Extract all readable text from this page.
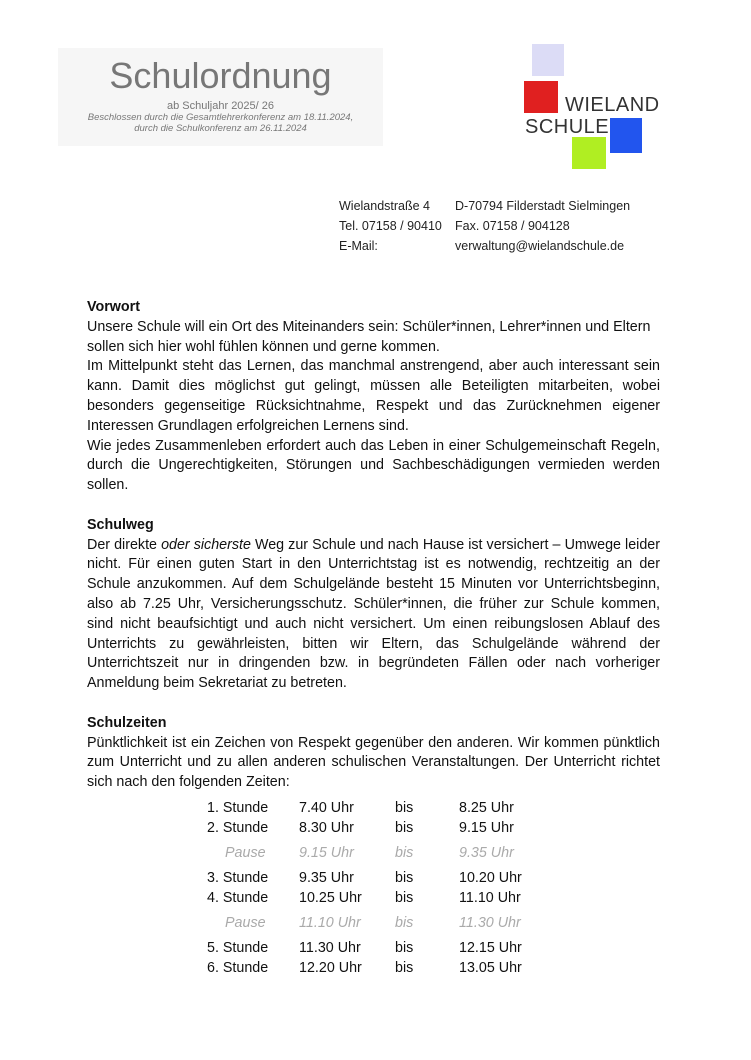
Schulordnung
ab Schuljahr 2025/ 26
Beschlossen durch die Gesamtlehrerkonferenz am 18.11.2024,
durch die Schulkonferenz am 26.11.2024
WIELAND
SCHULE
Wielandstraße 4	D-70794 Filderstadt Sielmingen
Tel. 07158 / 90410	Fax. 07158 / 904128
E-Mail:	verwaltung@wielandschule.de
Vorwort
Unsere Schule will ein Ort des Miteinanders sein: Schüler*innen, Lehrer*innen und Eltern sollen sich hier wohl fühlen können und gerne kommen.
Im Mittelpunkt steht das Lernen, das manchmal anstrengend, aber auch interessant sein kann. Damit dies möglichst gut gelingt, müssen alle Beteiligten mitarbeiten, wobei besonders gegenseitige Rücksichtnahme, Respekt und das Zurücknehmen eigener Interessen Grundlagen erfolgreichen Lernens sind.
Wie jedes Zusammenleben erfordert auch das Leben in einer Schulgemeinschaft Regeln, durch die Ungerechtigkeiten, Störungen und Sachbeschädigungen vermieden werden sollen.
Schulweg
Der direkte oder sicherste Weg zur Schule und nach Hause ist versichert – Umwege leider nicht. Für einen guten Start in den Unterrichtstag ist es notwendig, rechtzeitig an der Schule anzukommen. Auf dem Schulgelände besteht 15 Minuten vor Unterrichtsbeginn, also ab 7.25 Uhr, Versicherungsschutz. Schüler*innen, die früher zur Schule kommen, sind nicht beaufsichtigt und auch nicht versichert. Um einen reibungslosen Ablauf des Unterrichts zu gewährleisten, bitten wir Eltern, das Schulgelände während der Unterrichtszeit nur in dringenden bzw. in begründeten Fällen oder nach vorheriger Anmeldung beim Sekretariat zu betreten.
Schulzeiten
Pünktlichkeit ist ein Zeichen von Respekt gegenüber den anderen. Wir kommen pünktlich zum Unterricht und zu allen anderen schulischen Veranstaltungen. Der Unterricht richtet sich nach den folgenden Zeiten:
1. Stunde 7.40 Uhr	bis	8.25 Uhr
2. Stunde 8.30 Uhr	bis	9.15 Uhr
Pause 9.15 Uhr	bis	9.35 Uhr
3. Stunde 9.35 Uhr	bis	10.20 Uhr
4. Stunde 10.25 Uhr bis	11.10 Uhr
Pause 11.10 Uhr bis	11.30 Uhr
5. Stunde 11.30 Uhr bis	12.15 Uhr
6. Stunde 12.20 Uhr bis	13.05 Uhr
